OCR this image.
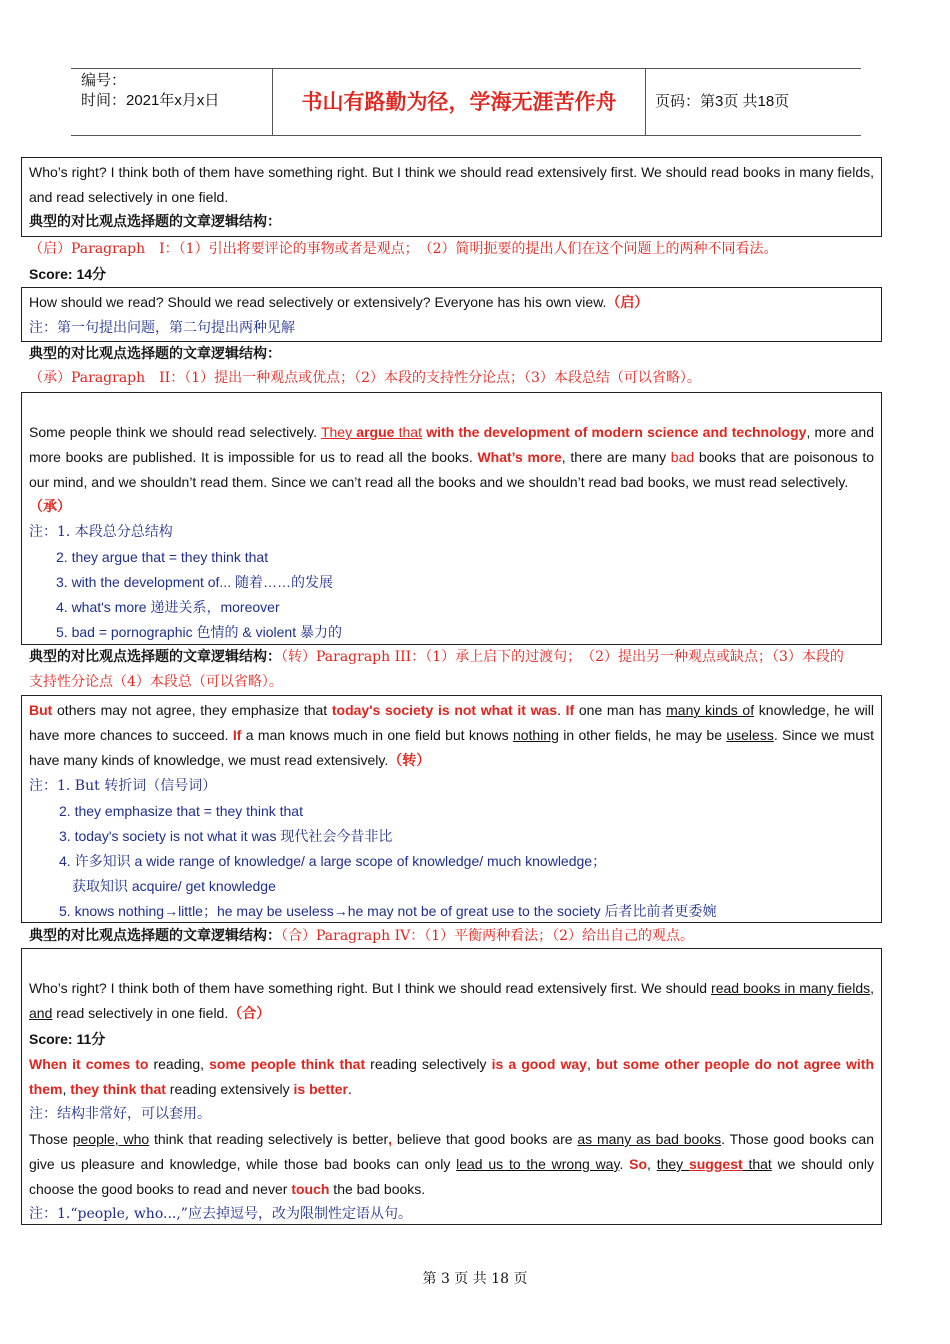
编号：
时间：2021年x月x日	书山有路勤为径，学海无涯苦作舟	页码：第3页 共18页
Who’s right? I think both of them have something right. But I think we should read extensively first. We should read books in many fields, and read selectively in one field.
典型的对比观点选择题的文章逻辑结构：
（启）Paragraph　I：（1）引出将要评论的事物或者是观点；　（2）简明扼要的提出人们在这个问题上的两种不同看法。
Score: 14分
How should we read? Should we read selectively or extensively? Everyone has his own view.（启）
注：第一句提出问题，第二句提出两种见解
典型的对比观点选择题的文章逻辑结构：
（承）Paragraph　II：（1）提出一种观点或优点；（2）本段的支持性分论点；（3）本段总结（可以省略）。
Some people think we should read selectively. They argue that with the development of modern science and technology, more and more books are published. It is impossible for us to read all the books. What’s more, there are many bad books that are poisonous to our mind, and we shouldn’t read them. Since we can’t read all the books and we shouldn’t read bad books, we must read selectively.
（承）
注：1. 本段总分总结构
2. they argue that = they think that
3. with the development of... 随着……的发展
4. what's more 递进关系，moreover
5. bad = pornographic 色情的 & violent 暴力的
典型的对比观点选择题的文章逻辑结构：（转）Paragraph III：（1）承上启下的过渡句；　（2）提出另一种观点或缺点；（3）本段的
支持性分论点（4）本段总（可以省略）。
But others may not agree, they emphasize that today's society is not what it was. If one man has many kinds of knowledge, he will have more chances to succeed. If a man knows much in one field but knows nothing in other fields, he may be useless. Since we must have many kinds of knowledge, we must read extensively.（转）
注：1. But 转折词（信号词）
2. they emphasize that = they think that
3. today's society is not what it was 现代社会今昔非比
4. 许多知识 a wide range of knowledge/ a large scope of knowledge/ much knowledge；
获取知识 acquire/ get knowledge
5. knows nothing→little；he may be useless→he may not be of great use to the society 后者比前者更委婉
典型的对比观点选择题的文章逻辑结构：（合）Paragraph IV：（1）平衡两种看法；（2）给出自己的观点。
Who’s right? I think both of them have something right. But I think we should read extensively first. We should read books in many fields, and read selectively in one field.（合）
Score: 11分
When it comes to reading, some people think that reading selectively is a good way, but some other people do not agree with them, they think that reading extensively is better.
注：结构非常好，可以套用。
Those people, who think that reading selectively is better, believe that good books are as many as bad books. Those good books can give us pleasure and knowledge, while those bad books can only lead us to the wrong way. So, they suggest that we should only choose the good books to read and never touch the bad books.
注：1.“people, who...,”应去掉逗号，改为限制性定语从句。
第 3 页 共 18 页
